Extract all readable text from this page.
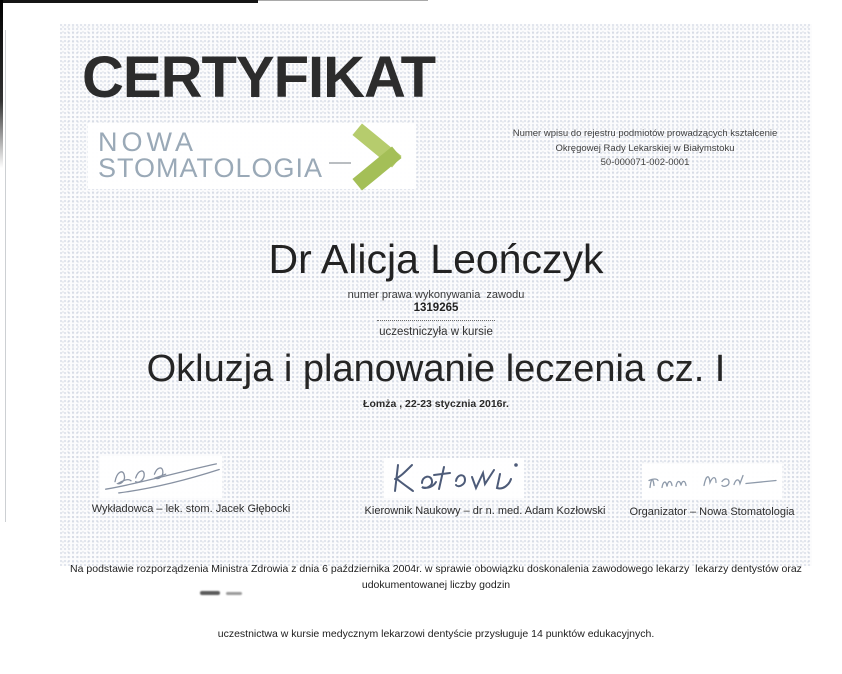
CERTYFIKAT
NOWA
STOMATOLOGIA
Numer wpisu do rejestru podmiotów prowadzących kształcenie
Okręgowej Rady Lekarskiej w Białymstoku
50-000071-002-0001
Dr Alicja Leończyk
numer prawa wykonywania  zawodu
1319265
uczestniczyła w kursie
Okluzja i planowanie leczenia cz. I
Łomża , 22-23 stycznia 2016r.
Wykładowca – lek. stom. Jacek Głębocki	Kierownik Naukowy – dr n. med. Adam Kozłowski	Organizator – Nowa Stomatologia

Na podstawie rozporządzenia Ministra Zdrowia z dnia 6 października 2004r. w sprawie obowiązku doskonalenia zawodowego lekarzy  lekarzy dentystów oraz udokumentowanej liczby godzin

uczestnictwa w kursie medycznym lekarzowi dentyście przysługuje 14 punktów edukacyjnych.
